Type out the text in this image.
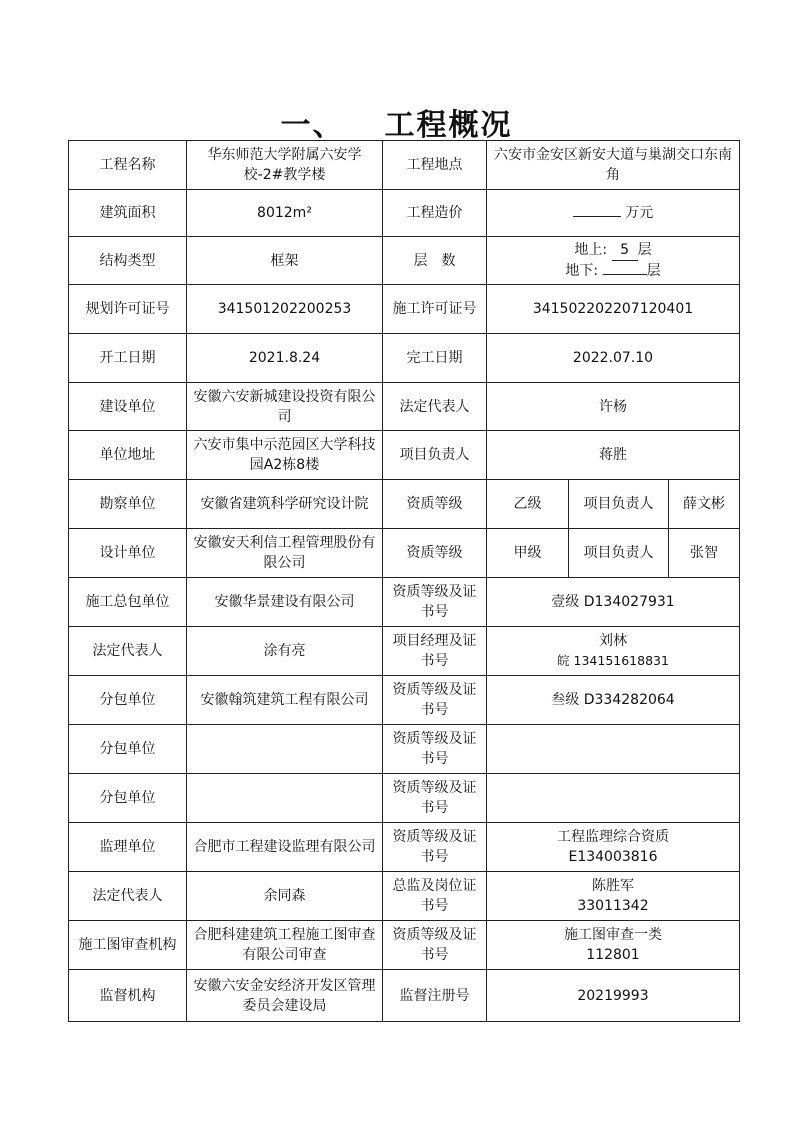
一、 工程概况
工程名称	华东师范大学附属六安学校-2#教学楼	工程地点	六安市金安区新安大道与巢湖交口东南角		
建筑面积	8012m²	工程造价	万元		
结构类型	框架	层　数	地上: 5 层
地下: 层		

规划许可证号	341501202200253	施工许可证号	341502202207120401		
开工日期	2021.8.24	完工日期	2022.07.10		
建设单位	安徽六安新城建设投资有限公司	法定代表人	许杨		
单位地址	六安市集中示范园区大学科技园A2栋8楼	项目负责人	蒋胜		
勘察单位	安徽省建筑科学研究设计院	资质等级	乙级	项目负责人	薛文彬
设计单位	安徽安天利信工程管理股份有限公司	资质等级	甲级	项目负责人	张智
施工总包单位	安徽华景建设有限公司	资质等级及证书号	壹级 D134027931		
法定代表人	涂有亮	项目经理及证书号	刘林
皖 134151618831		

分包单位	安徽翰筑建筑工程有限公司	资质等级及证书号	叁级 D334282064		
分包单位		资质等级及证书号			
分包单位		资质等级及证书号			
监理单位	合肥市工程建设监理有限公司	资质等级及证书号	工程监理综合资质
E134003816		

法定代表人	余同森	总监及岗位证书号	陈胜军
33011342		

施工图审查机构	合肥科建建筑工程施工图审查有限公司审查	资质等级及证书号	施工图审查一类
112801		

监督机构	安徽六安金安经济开发区管理委员会建设局	监督注册号	20219993		
